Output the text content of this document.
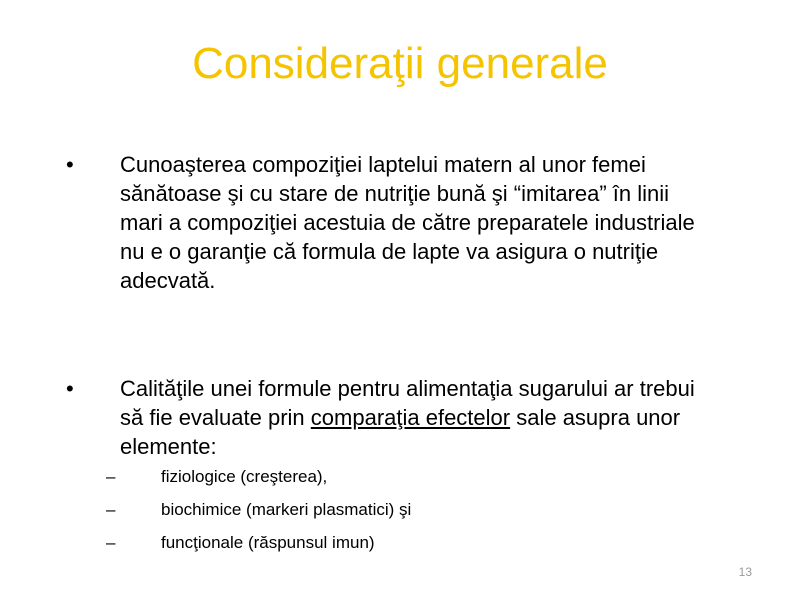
Consideraţii generale
•	Cunoaşterea compoziţiei laptelui matern al unor femei sănătoase şi cu stare de nutriţie bună şi “imitarea” în linii mari a compoziţiei acestuia de către preparatele industriale nu e o garanţie că formula de lapte va asigura o nutriţie adecvată.
•	Calităţile unei formule pentru alimentaţia sugarului ar trebui să fie evaluate prin comparaţia efectelor sale asupra unor elemente:
–	fiziologice (creşterea),
–	biochimice (markeri plasmatici) şi
–	funcţionale (răspunsul imun)
13
